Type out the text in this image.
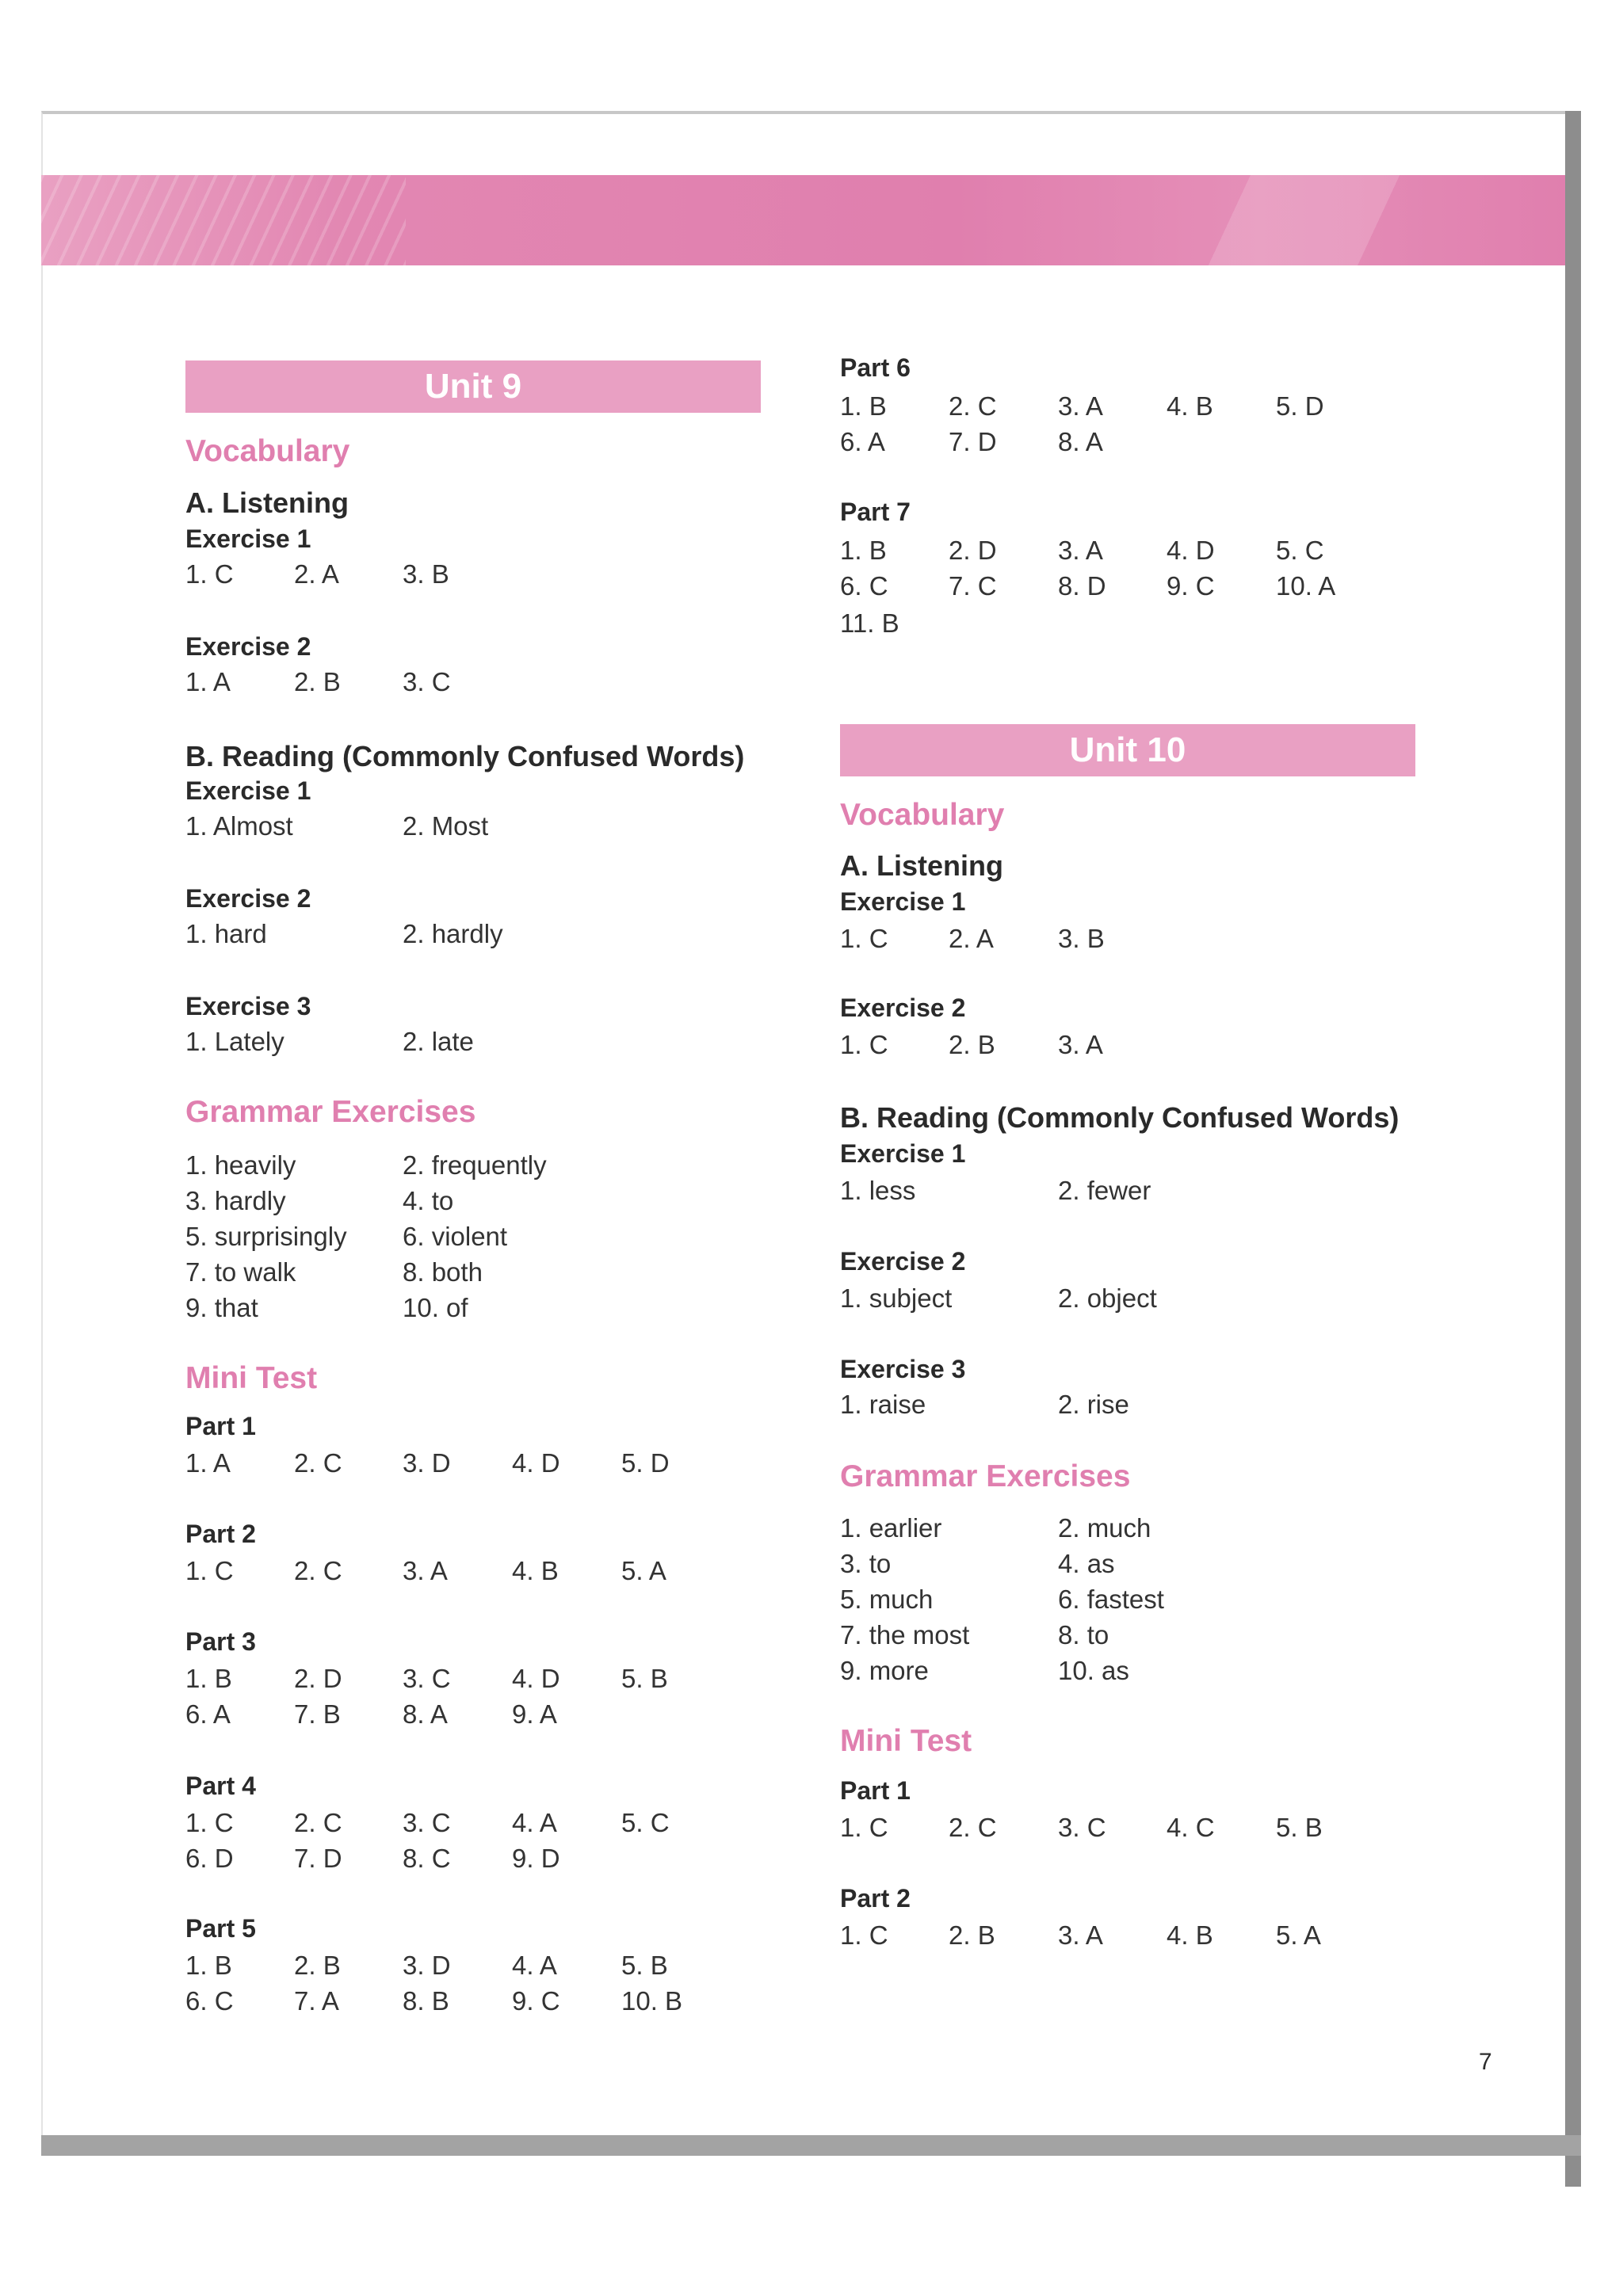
Unit 9
Vocabulary
A. Listening
Exercise 1
1. C 2. A 3. B
Exercise 2
1. A 2. B 3. C
B. Reading (Commonly Confused Words)
Exercise 1
1. Almost	2. Most
Exercise 2
1. hard	2. hardly
Exercise 3
1. Lately	2. late
Grammar Exercises
1. heavily	2. frequently
3. hardly	4. to
5. surprisingly 6. violent
7. to walk	8. both
9. that	10. of
Mini Test
Part 1
1. A 2. C 3. D 4. D 5. D
Part 2
1. C 2. C 3. A 4. B 5. A
Part 3
1. B 2. D 3. C 4. D 5. B
6. A 7. B 8. A 9. A
Part 4
1. C 2. C 3. C 4. A 5. C
6. D 7. D 8. C 9. D
Part 5
1. B 2. B 3. D 4. A 5. B
6. C 7. A 8. B 9. C 10. B
Part 6
1. B 2. C 3. A 4. B 5. D
6. A 7. D 8. A
Part 7
1. B 2. D 3. A 4. D 5. C
6. C 7. C 8. D 9. C 10. A
11. B
Unit 10
Vocabulary
A. Listening
Exercise 1
1. C 2. A 3. B
Exercise 2
1. C 2. B 3. A
B. Reading (Commonly Confused Words)
Exercise 1
1. less	2. fewer
Exercise 2
1. subject	2. object
Exercise 3
1. raise	2. rise
Grammar Exercises
1. earlier	2. much
3. to	4. as
5. much	6. fastest
7. the most	8. to
9. more	10. as
Mini Test
Part 1
1. C 2. C 3. C 4. C 5. B
Part 2
1. C 2. B 3. A 4. B 5. A
7
